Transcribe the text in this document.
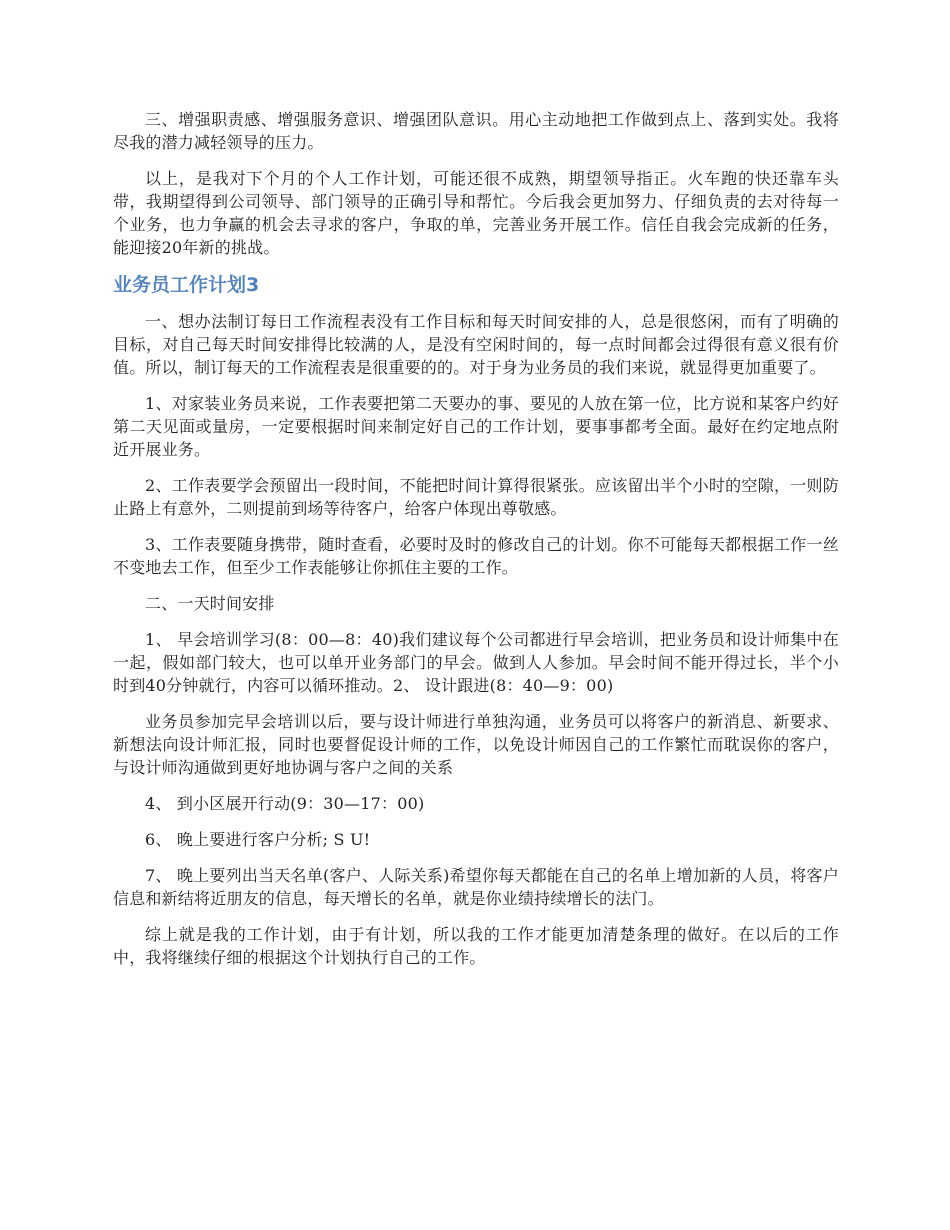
三、增强职责感、增强服务意识、增强团队意识。用心主动地把工作做到点上、落到实处。我将尽我的潜力减轻领导的压力。

以上，是我对下个月的个人工作计划，可能还很不成熟，期望领导指正。火车跑的快还靠车头带，我期望得到公司领导、部门领导的正确引导和帮忙。今后我会更加努力、仔细负责的去对待每一个业务，也力争赢的机会去寻求的客户，争取的单，完善业务开展工作。信任自我会完成新的任务，能迎接20年新的挑战。

业务员工作计划3

一、想办法制订每日工作流程表没有工作目标和每天时间安排的人，总是很悠闲，而有了明确的目标，对自己每天时间安排得比较满的人，是没有空闲时间的，每一点时间都会过得很有意义很有价值。所以，制订每天的工作流程表是很重要的的。对于身为业务员的我们来说，就显得更加重要了。

1、对家装业务员来说，工作表要把第二天要办的事、要见的人放在第一位，比方说和某客户约好第二天见面或量房，一定要根据时间来制定好自己的工作计划，要事事都考全面。最好在约定地点附近开展业务。

2、工作表要学会预留出一段时间，不能把时间计算得很紧张。应该留出半个小时的空隙，一则防止路上有意外，二则提前到场等待客户，给客户体现出尊敬感。

3、工作表要随身携带，随时查看，必要时及时的修改自己的计划。你不可能每天都根据工作一丝不变地去工作，但至少工作表能够让你抓住主要的工作。

二、一天时间安排

1、 早会培训学习(8：00—8：40)我们建议每个公司都进行早会培训，把业务员和设计师集中在一起，假如部门较大，也可以单开业务部门的早会。做到人人参加。早会时间不能开得过长，半个小时到40分钟就行，内容可以循环推动。2、 设计跟进(8：40—9：00)

业务员参加完早会培训以后，要与设计师进行单独沟通，业务员可以将客户的新消息、新要求、新想法向设计师汇报，同时也要督促设计师的工作，以免设计师因自己的工作繁忙而耽误你的客户，与设计师沟通做到更好地协调与客户之间的关系

4、 到小区展开行动(9：30—17：00)

6、 晚上要进行客户分析; S U!

7、 晚上要列出当天名单(客户、人际关系)希望你每天都能在自己的名单上增加新的人员，将客户信息和新结将近朋友的信息，每天增长的名单，就是你业绩持续增长的法门。

综上就是我的工作计划，由于有计划，所以我的工作才能更加清楚条理的做好。在以后的工作中，我将继续仔细的根据这个计划执行自己的工作。
